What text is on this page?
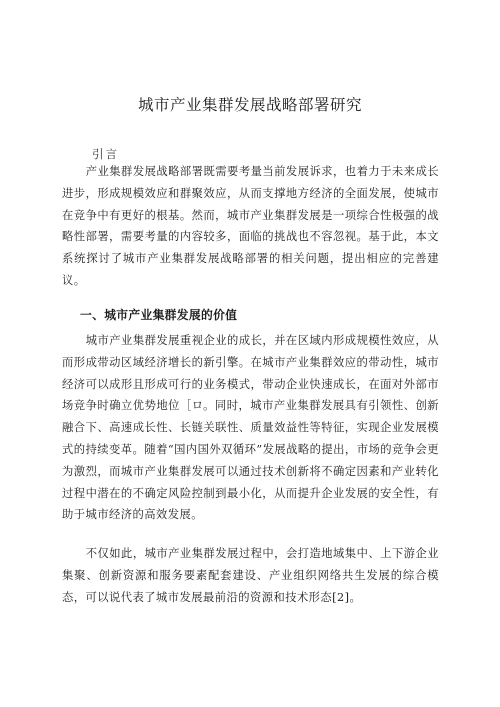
城市产业集群发展战略部署研究
引言

产业集群发展战略部署既需要考量当前发展诉求，也着力于未来成长进步，形成规模效应和群聚效应，从而支撑地方经济的全面发展，使城市在竞争中有更好的根基。然而，城市产业集群发展是一项综合性极强的战略性部署，需要考量的内容较多，面临的挑战也不容忽视。基于此，本文系统探讨了城市产业集群发展战略部署的相关问题，提出相应的完善建议。

一、城市产业集群发展的价值

城市产业集群发展重视企业的成长，并在区域内形成规模性效应，从而形成带动区域经济增长的新引擎。在城市产业集群效应的带动性，城市经济可以成形且形成可行的业务模式，带动企业快速成长，在面对外部市场竞争时确立优势地位［ロ。同时，城市产业集群发展具有引领性、创新融合下、高速成长性、长链关联性、质量效益性等特征，实现企业发展模式的持续变革。随着“国内国外双循环”发展战略的提出，市场的竞争会更为激烈，而城市产业集群发展可以通过技术创新将不确定因素和产业转化过程中潜在的不确定风险控制到最小化，从而提升企业发展的安全性，有助于城市经济的高效发展。

不仅如此，城市产业集群发展过程中，会打造地域集中、上下游企业集聚、创新资源和服务要素配套建设、产业组织网络共生发展的综合模态，可以说代表了城市发展最前沿的资源和技术形态[2]。
